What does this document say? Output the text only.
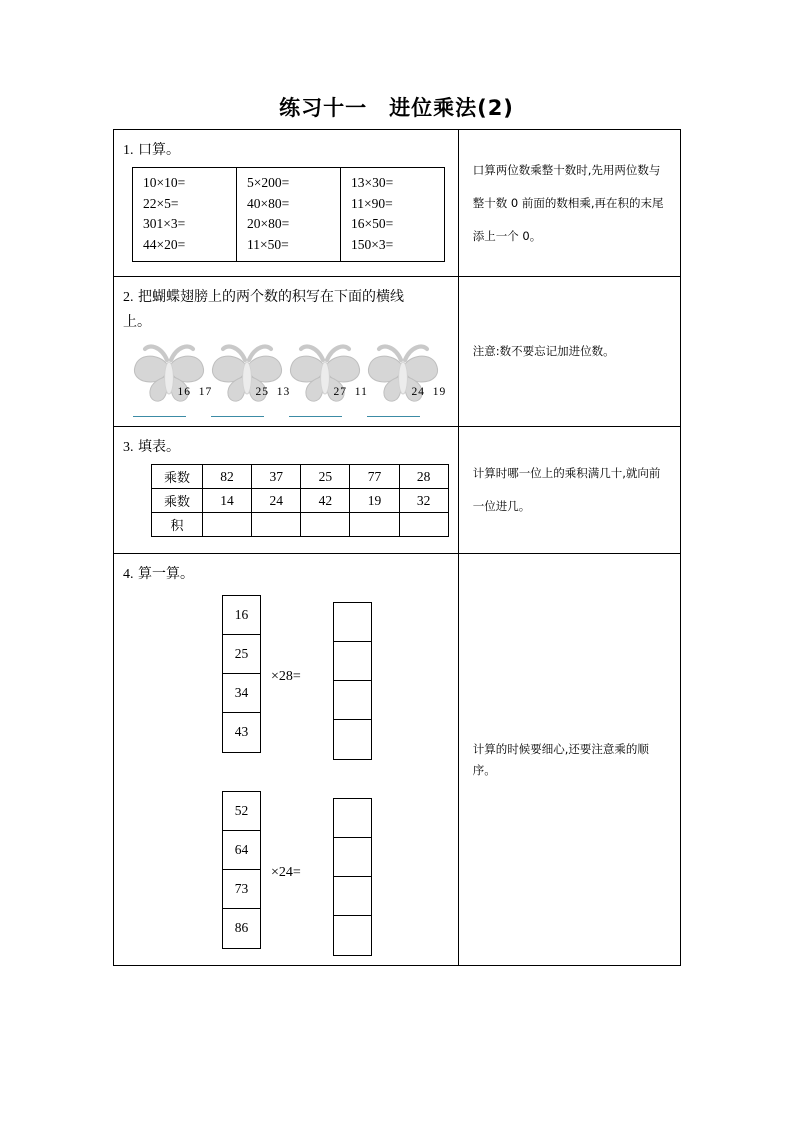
练习十一　进位乘法(2)
1. 口算。
10×10=
22×5=
301×3=
44×20=

5×200=
40×80=
20×80=
11×50=

13×30=
11×90=
16×50=
150×3=
口算两位数乘整十数时,先用两位数与整十数 0 前面的数相乘,再在积的末尾添上一个 0。
2. 把蝴蝶翅膀上的两个数的积写在下面的横线上。

16 17
	25 13
	27 11
	24 19

注意:数不要忘记加进位数。
3. 填表。
乘数	82	37	25	77	28
乘数	14	24	42	19	32
积					
计算时哪一位上的乘积满几十,就向前一位进几。
4. 算一算。
16
25
34
43
×28=
52
64
73
86
×24=
计算的时候要细心,还要注意乘的顺序。
